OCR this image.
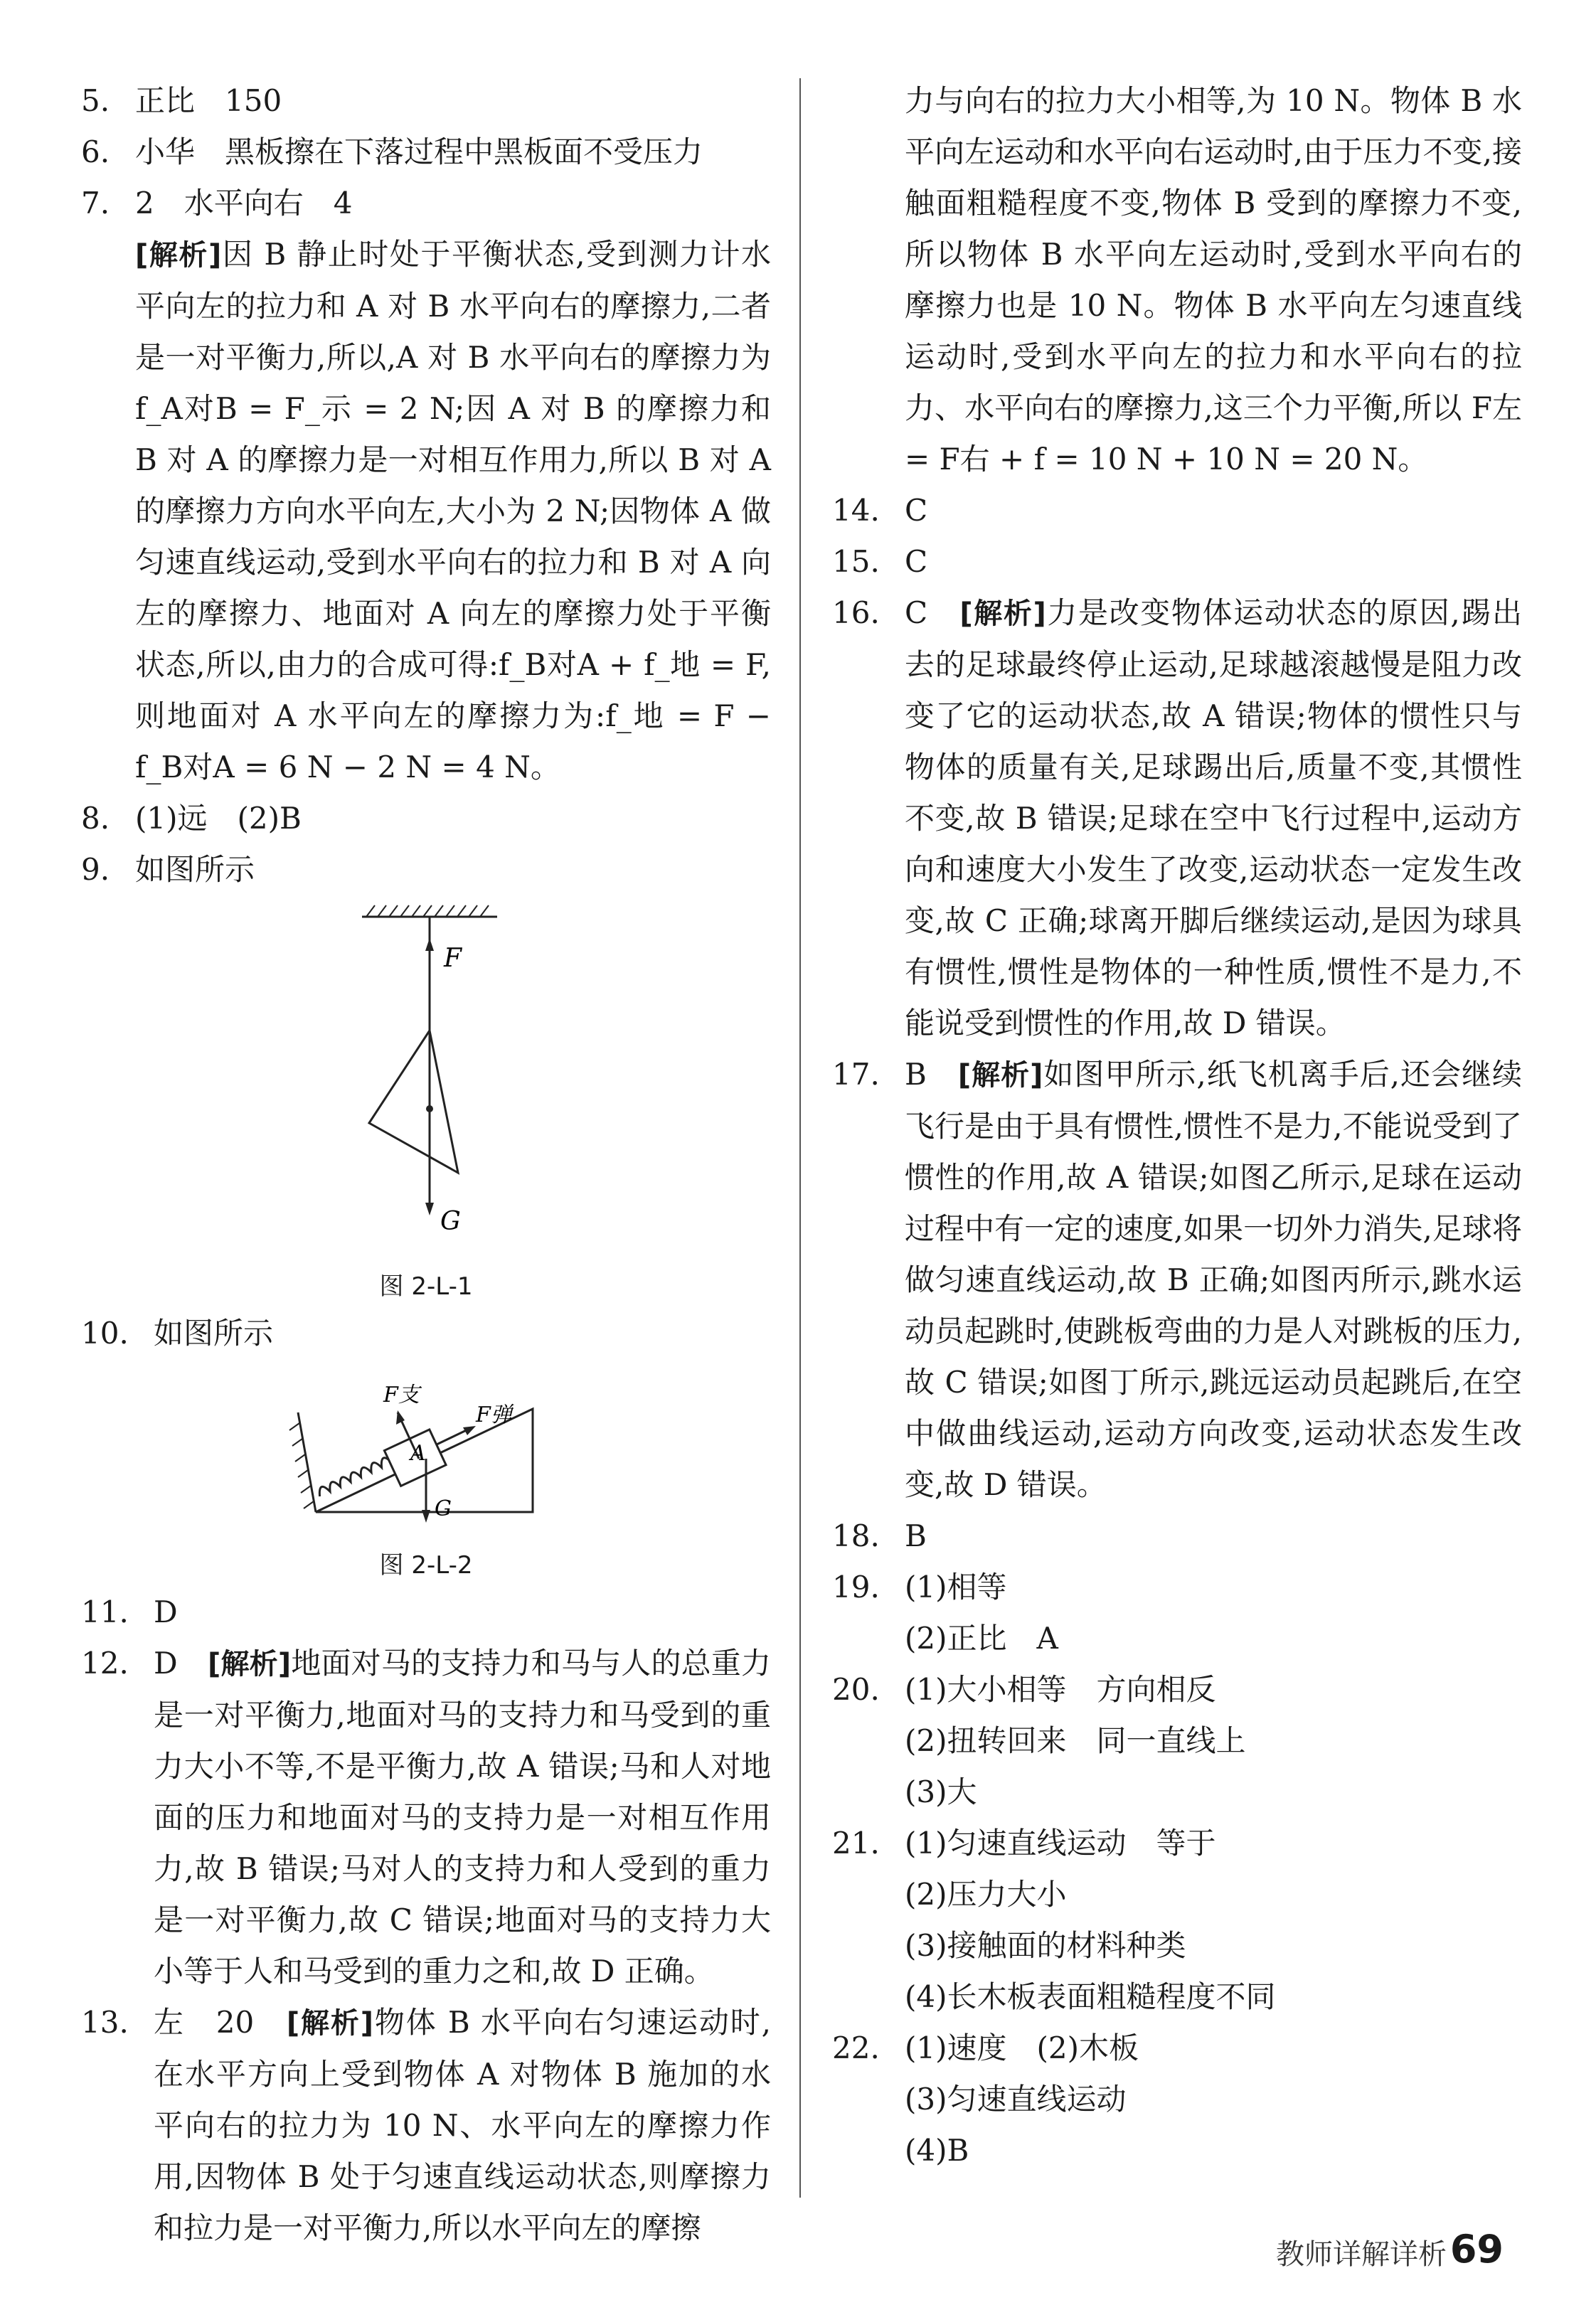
5. 正比　150
6. 小华　黑板擦在下落过程中黑板面不受压力
7. 2　水平向右　4
[解析]因 B 静止时处于平衡状态,受到测力计水平向左的拉力和 A 对 B 水平向右的摩擦力,二者是一对平衡力,所以,A 对 B 水平向右的摩擦力为 f_A对B = F_示 = 2 N;因 A 对 B 的摩擦力和 B 对 A 的摩擦力是一对相互作用力,所以 B 对 A 的摩擦力方向水平向左,大小为 2 N;因物体 A 做匀速直线运动,受到水平向右的拉力和 B 对 A 向左的摩擦力、地面对 A 向左的摩擦力处于平衡状态,所以,由力的合成可得:f_B对A + f_地 = F,则地面对 A 水平向左的摩擦力为:f_地 = F − f_B对A = 6 N − 2 N = 4 N。
8. (1)远　(2)B
9. 如图所示
F
G
图 2-L-1
10. 如图所示
F支
F弹
A
G
图 2-L-2
11. D
12. D　 [解析]地面对马的支持力和马与人的总重力是一对平衡力,地面对马的支持力和马受到的重力大小不等,不是平衡力,故 A 错误;马和人对地面的压力和地面对马的支持力是一对相互作用力,故 B 错误;马对人的支持力和人受到的重力是一对平衡力,故 C 错误;地面对马的支持力大小等于人和马受到的重力之和,故 D 正确。
13. 左　20　 [解析]物体 B 水平向右匀速运动时,在水平方向上受到物体 A 对物体 B 施加的水平向右的拉力为 10 N、水平向左的摩擦力作用,因物体 B 处于匀速直线运动状态,则摩擦力和拉力是一对平衡力,所以水平向左的摩擦
力与向右的拉力大小相等,为 10 N。物体 B 水平向左运动和水平向右运动时,由于压力不变,接触面粗糙程度不变,物体 B 受到的摩擦力不变,所以物体 B 水平向左运动时,受到水平向右的摩擦力也是 10 N。物体 B 水平向左匀速直线运动时,受到水平向左的拉力和水平向右的拉力、水平向右的摩擦力,这三个力平衡,所以 F左 = F右 + f = 10 N + 10 N = 20 N。
14. C
15. C
16. C　 [解析]力是改变物体运动状态的原因,踢出去的足球最终停止运动,足球越滚越慢是阻力改变了它的运动状态,故 A 错误;物体的惯性只与物体的质量有关,足球踢出后,质量不变,其惯性不变,故 B 错误;足球在空中飞行过程中,运动方向和速度大小发生了改变,运动状态一定发生改变,故 C 正确;球离开脚后继续运动,是因为球具有惯性,惯性是物体的一种性质,惯性不是力,不能说受到惯性的作用,故 D 错误。
17. B　 [解析]如图甲所示,纸飞机离手后,还会继续飞行是由于具有惯性,惯性不是力,不能说受到了惯性的作用,故 A 错误;如图乙所示,足球在运动过程中有一定的速度,如果一切外力消失,足球将做匀速直线运动,故 B 正确;如图丙所示,跳水运动员起跳时,使跳板弯曲的力是人对跳板的压力,故 C 错误;如图丁所示,跳远运动员起跳后,在空中做曲线运动,运动方向改变,运动状态发生改变,故 D 错误。
18. B
19. (1)相等
(2)正比　A
20. (1)大小相等　方向相反
(2)扭转回来　同一直线上
(3)大
21. (1)匀速直线运动　等于
(2)压力大小
(3)接触面的材料种类
(4)长木板表面粗糙程度不同
22. (1)速度　(2)木板
(3)匀速直线运动
(4)B
教师详解详析 69
